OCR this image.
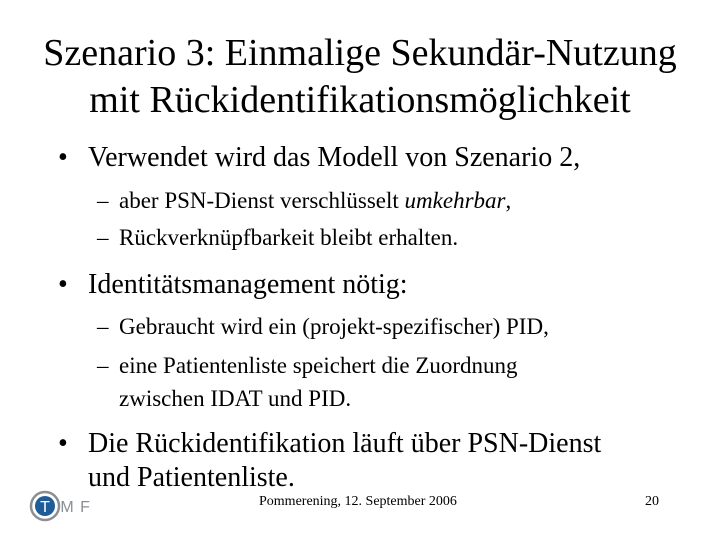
Szenario 3: Einmalige Sekundär-Nutzung
mit Rückidentifikationsmöglichkeit
• Verwendet wird das Modell von Szenario 2,
– aber PSN-Dienst verschlüsselt umkehrbar,
– Rückverknüpfbarkeit bleibt erhalten.
• Identitätsmanagement nötig:
– Gebraucht wird ein (projekt-spezifischer) PID,
– eine Patientenliste speichert die Zuordnung
zwischen IDAT und PID.
• Die Rückidentifikation läuft über PSN-Dienst
und Patientenliste.
T M F	Pommerening, 12. September 2006	20
